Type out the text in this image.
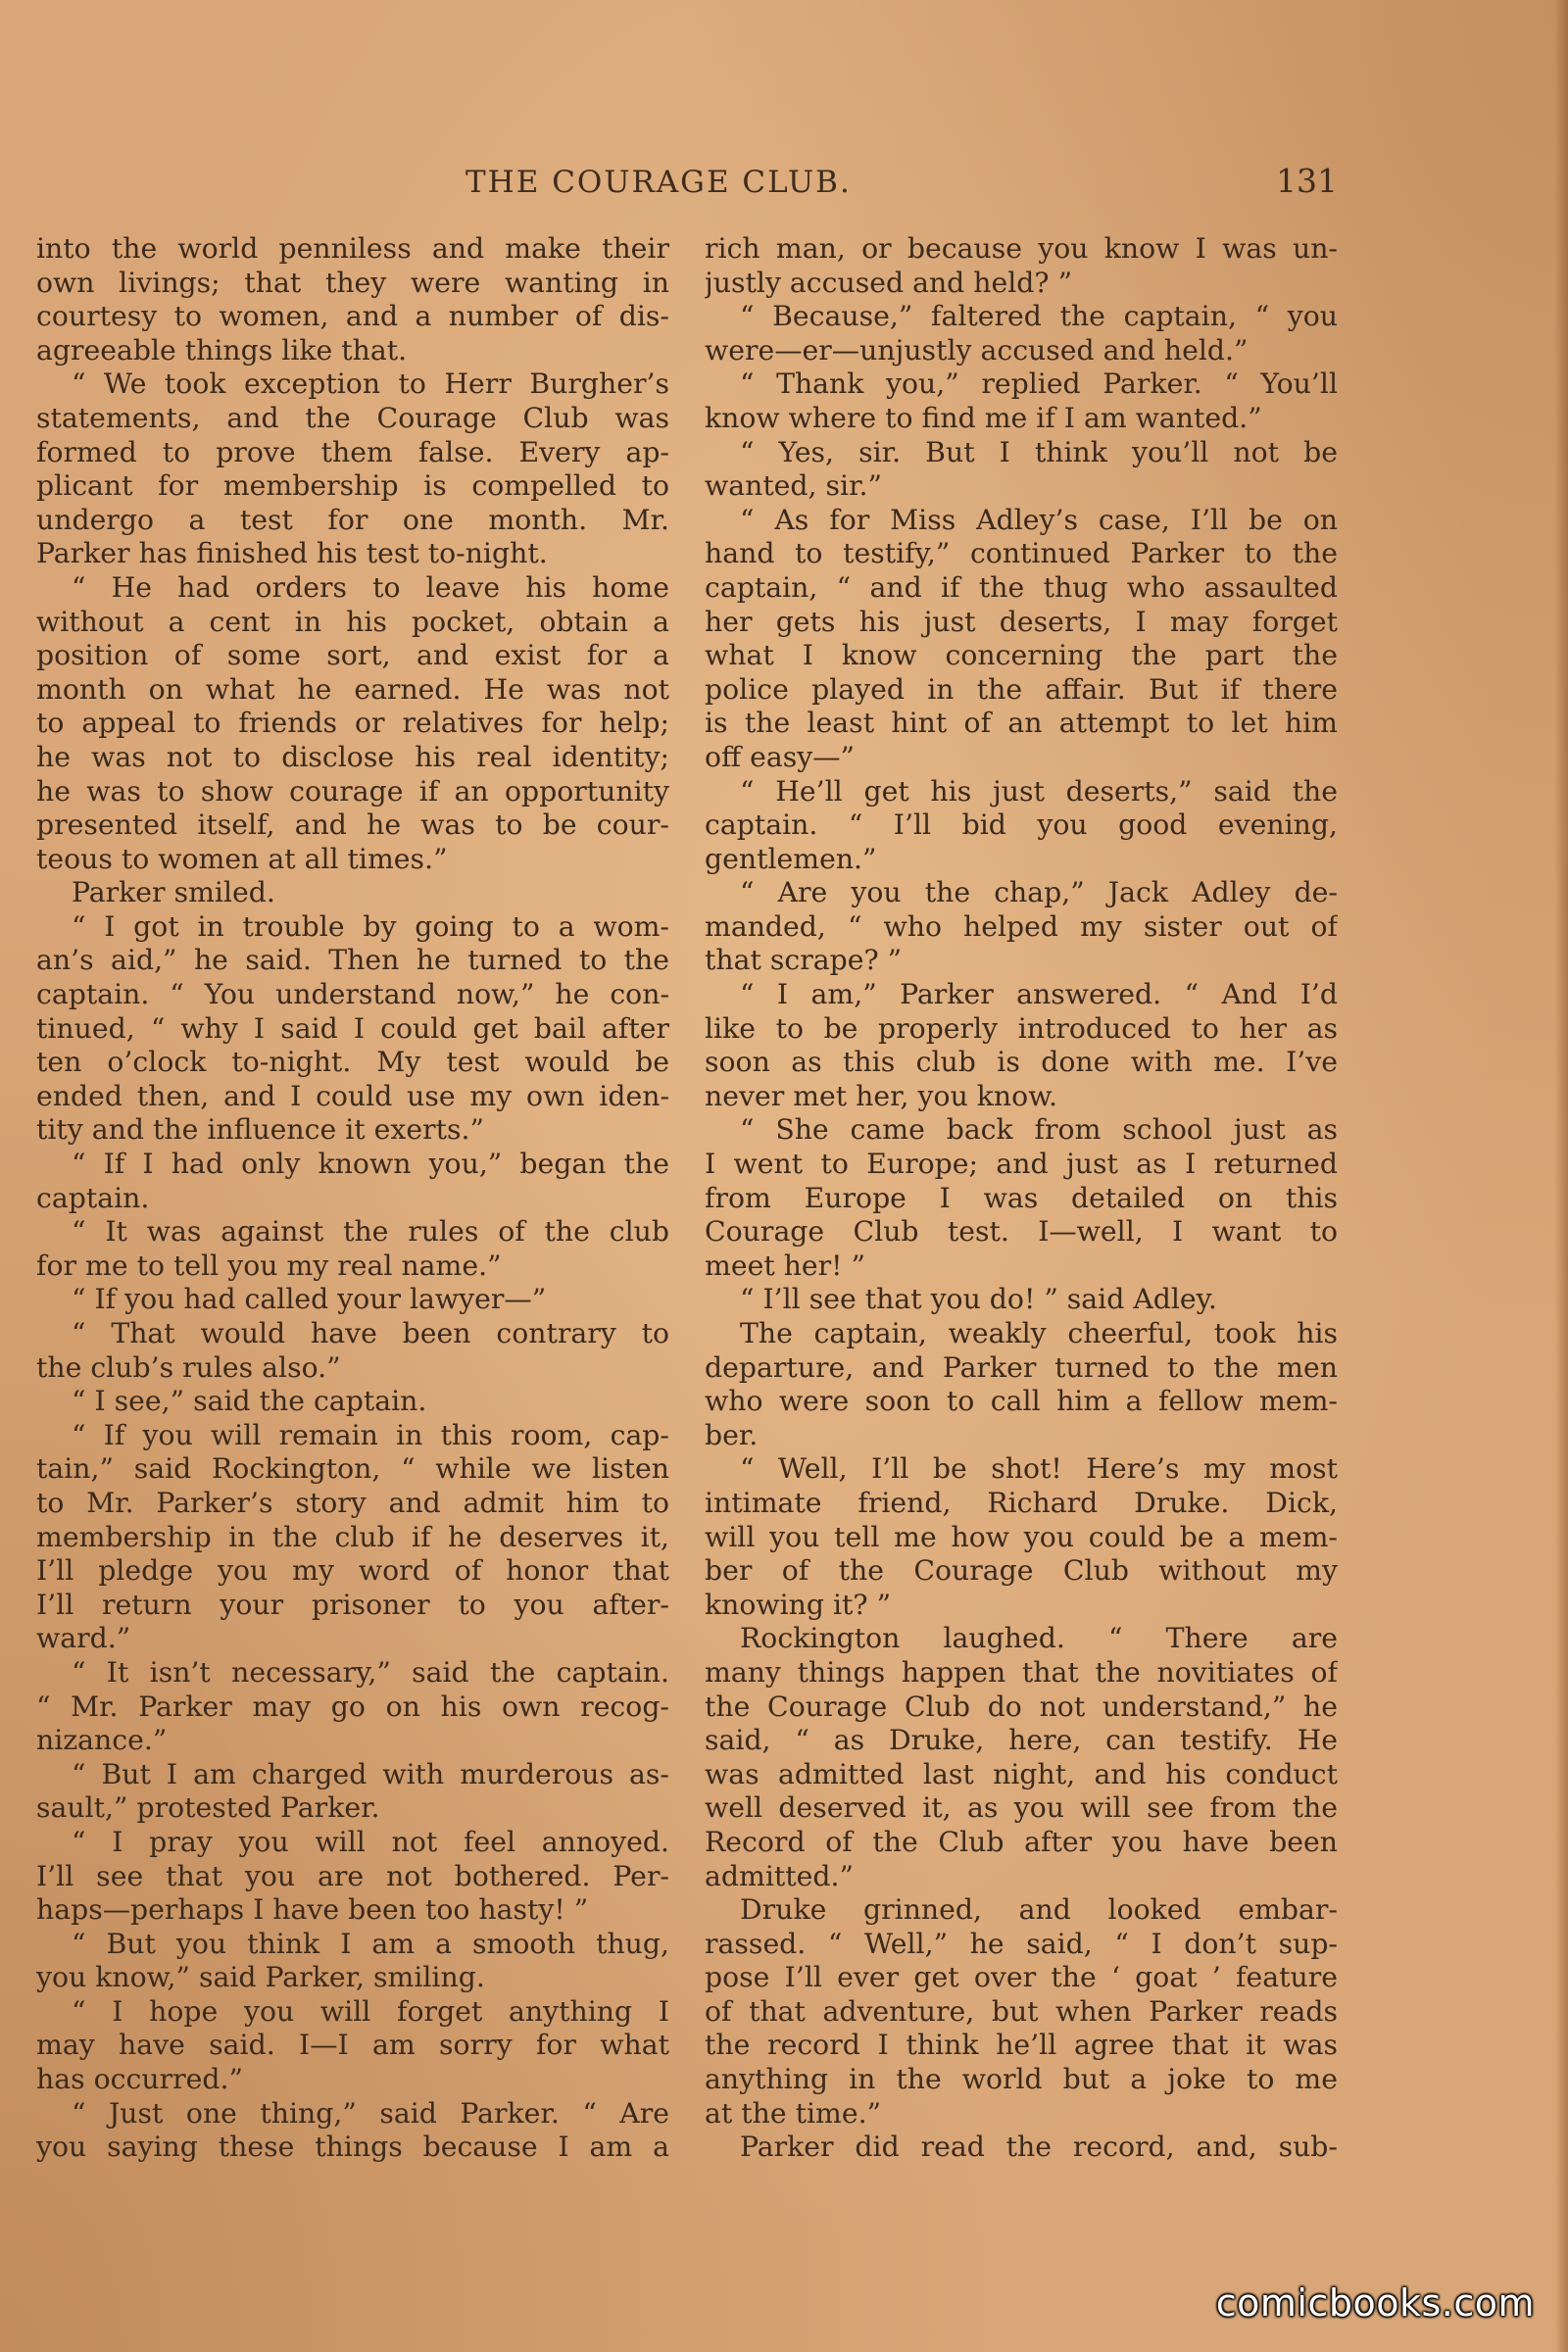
THE COURAGE CLUB.	131
into the world penniless and make their
own livings; that they were wanting in
courtesy to women, and a number of dis-
agreeable things like that.
“ We took exception to Herr Burgher’s
statements, and the Courage Club was
formed to prove them false. Every ap-
plicant for membership is compelled to
undergo a test for one month. Mr.
Parker has finished his test to-night.
“ He had orders to leave his home
without a cent in his pocket, obtain a
position of some sort, and exist for a
month on what he earned. He was not
to appeal to friends or relatives for help;
he was not to disclose his real identity;
he was to show courage if an opportunity
presented itself, and he was to be cour-
teous to women at all times.”
Parker smiled.
“ I got in trouble by going to a wom-
an’s aid,” he said. Then he turned to the
captain. “ You understand now,” he con-
tinued, “ why I said I could get bail after
ten o’clock to-night. My test would be
ended then, and I could use my own iden-
tity and the influence it exerts.”
“ If I had only known you,” began the
captain.
“ It was against the rules of the club
for me to tell you my real name.”
“ If you had called your lawyer—”
“ That would have been contrary to
the club’s rules also.”
“ I see,” said the captain.
“ If you will remain in this room, cap-
tain,” said Rockington, “ while we listen
to Mr. Parker’s story and admit him to
membership in the club if he deserves it,
I’ll pledge you my word of honor that
I’ll return your prisoner to you after-
ward.”
“ It isn’t necessary,” said the captain.
“ Mr. Parker may go on his own recog-
nizance.”
“ But I am charged with murderous as-
sault,” protested Parker.
“ I pray you will not feel annoyed.
I’ll see that you are not bothered. Per-
haps—perhaps I have been too hasty! ”
“ But you think I am a smooth thug,
you know,” said Parker, smiling.
“ I hope you will forget anything I
may have said. I—I am sorry for what
has occurred.”
“ Just one thing,” said Parker. “ Are
you saying these things because I am a
rich man, or because you know I was un-
justly accused and held? ”
“ Because,” faltered the captain, “ you
were—er—unjustly accused and held.”
“ Thank you,” replied Parker. “ You’ll
know where to find me if I am wanted.”
“ Yes, sir. But I think you’ll not be
wanted, sir.”
“ As for Miss Adley’s case, I’ll be on
hand to testify,” continued Parker to the
captain, “ and if the thug who assaulted
her gets his just deserts, I may forget
what I know concerning the part the
police played in the affair. But if there
is the least hint of an attempt to let him
off easy—”
“ He’ll get his just deserts,” said the
captain. “ I’ll bid you good evening,
gentlemen.”
“ Are you the chap,” Jack Adley de-
manded, “ who helped my sister out of
that scrape? ”
“ I am,” Parker answered. “ And I’d
like to be properly introduced to her as
soon as this club is done with me. I’ve
never met her, you know.
“ She came back from school just as
I went to Europe; and just as I returned
from Europe I was detailed on this
Courage Club test. I—well, I want to
meet her! ”
“ I’ll see that you do! ” said Adley.
The captain, weakly cheerful, took his
departure, and Parker turned to the men
who were soon to call him a fellow mem-
ber.
“ Well, I’ll be shot! Here’s my most
intimate friend, Richard Druke. Dick,
will you tell me how you could be a mem-
ber of the Courage Club without my
knowing it? ”
Rockington laughed. “ There are
many things happen that the novitiates of
the Courage Club do not understand,” he
said, “ as Druke, here, can testify. He
was admitted last night, and his conduct
well deserved it, as you will see from the
Record of the Club after you have been
admitted.”
Druke grinned, and looked embar-
rassed. “ Well,” he said, “ I don’t sup-
pose I’ll ever get over the ‘ goat ’ feature
of that adventure, but when Parker reads
the record I think he’ll agree that it was
anything in the world but a joke to me
at the time.”
Parker did read the record, and, sub-
comicbooks.com
